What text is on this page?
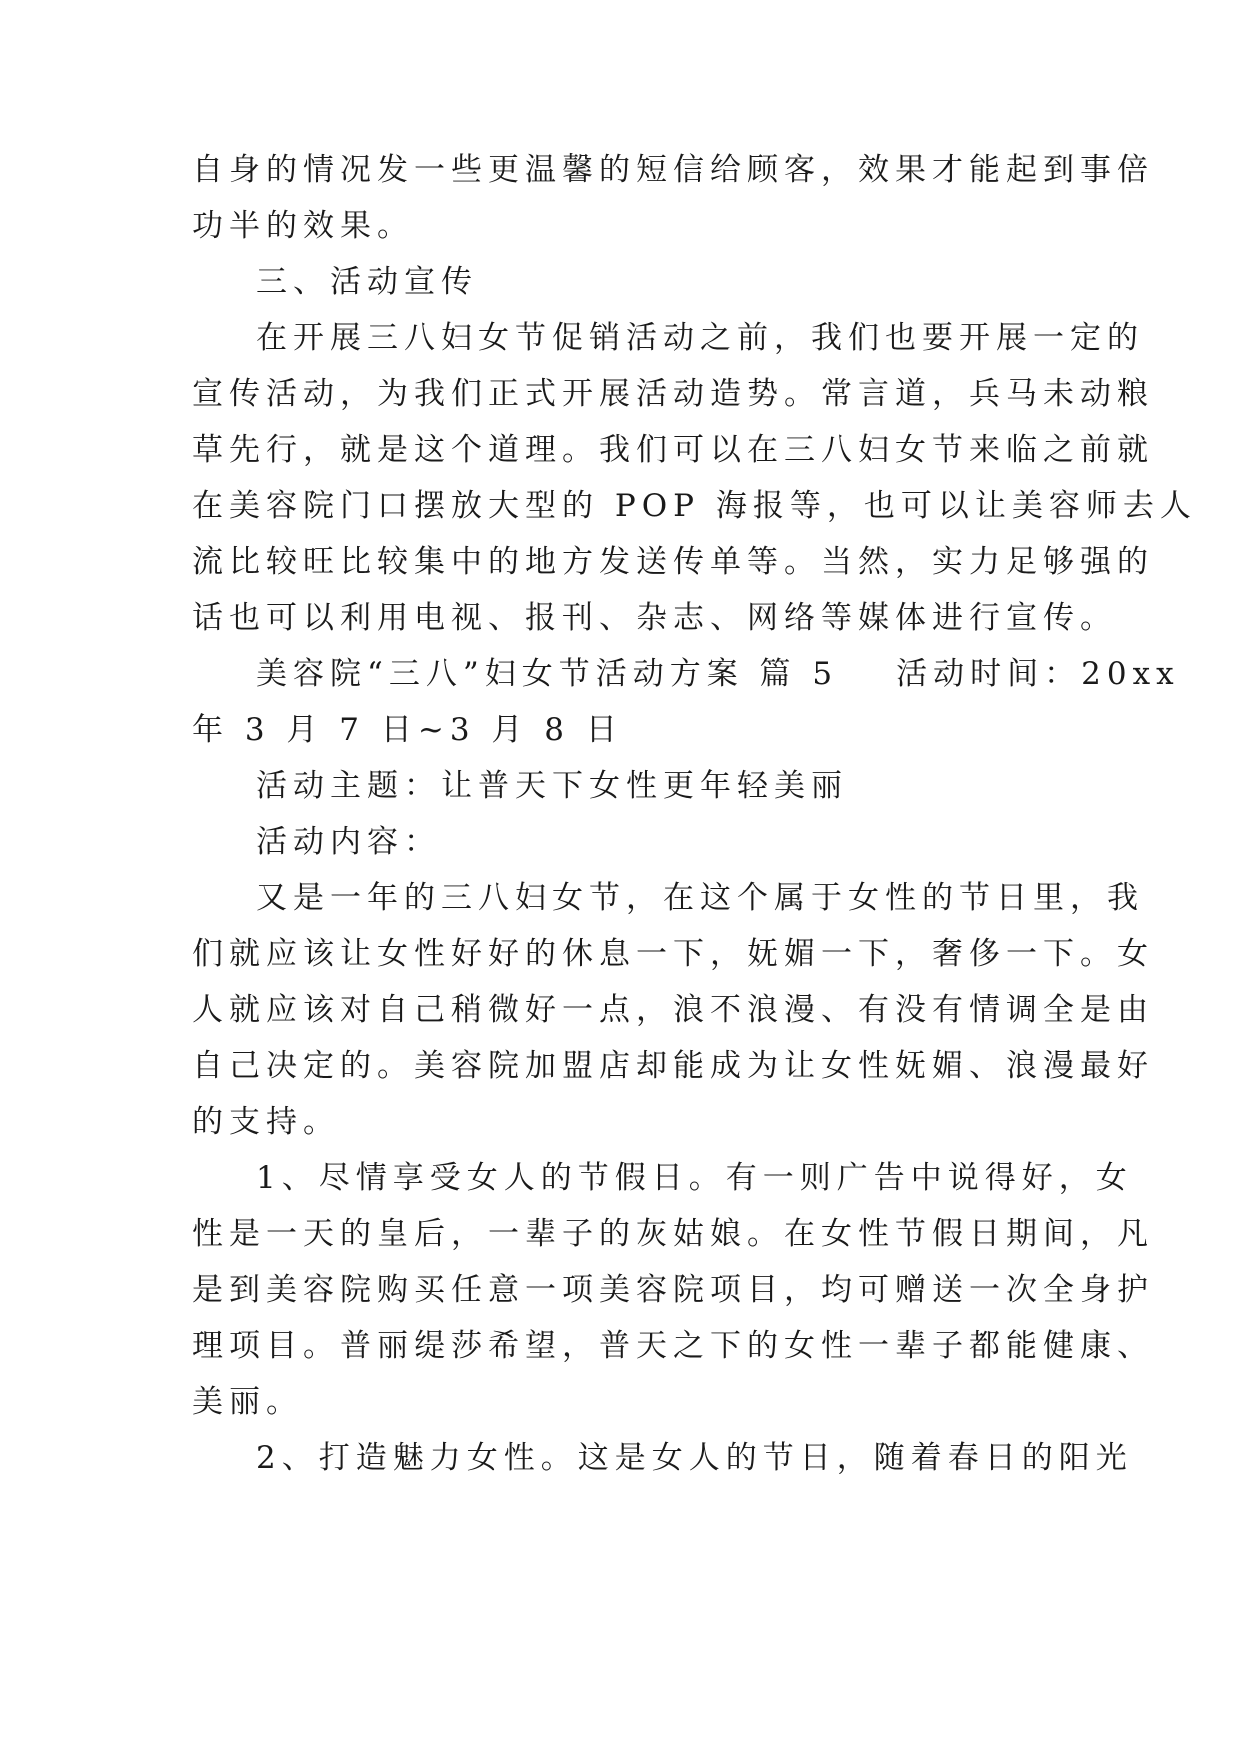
自身的情况发一些更温馨的短信给顾客，效果才能起到事倍
功半的效果。
三、活动宣传
在开展三八妇女节促销活动之前，我们也要开展一定的
宣传活动，为我们正式开展活动造势。常言道，兵马未动粮
草先行，就是这个道理。我们可以在三八妇女节来临之前就
在美容院门口摆放大型的 POP 海报等，也可以让美容师去人
流比较旺比较集中的地方发送传单等。当然，实力足够强的
话也可以利用电视、报刊、杂志、网络等媒体进行宣传。
美容院“三八”妇女节活动方案 篇 5 活动时间：20xx
年 3 月 7 日~3 月 8 日
活动主题：让普天下女性更年轻美丽
活动内容：
又是一年的三八妇女节，在这个属于女性的节日里，我
们就应该让女性好好的休息一下，妩媚一下，奢侈一下。女
人就应该对自己稍微好一点，浪不浪漫、有没有情调全是由
自己决定的。美容院加盟店却能成为让女性妩媚、浪漫最好
的支持。
1、尽情享受女人的节假日。有一则广告中说得好，女
性是一天的皇后，一辈子的灰姑娘。在女性节假日期间，凡
是到美容院购买任意一项美容院项目，均可赠送一次全身护
理项目。普丽缇莎希望，普天之下的女性一辈子都能健康、
美丽。
2、打造魅力女性。这是女人的节日，随着春日的阳光
